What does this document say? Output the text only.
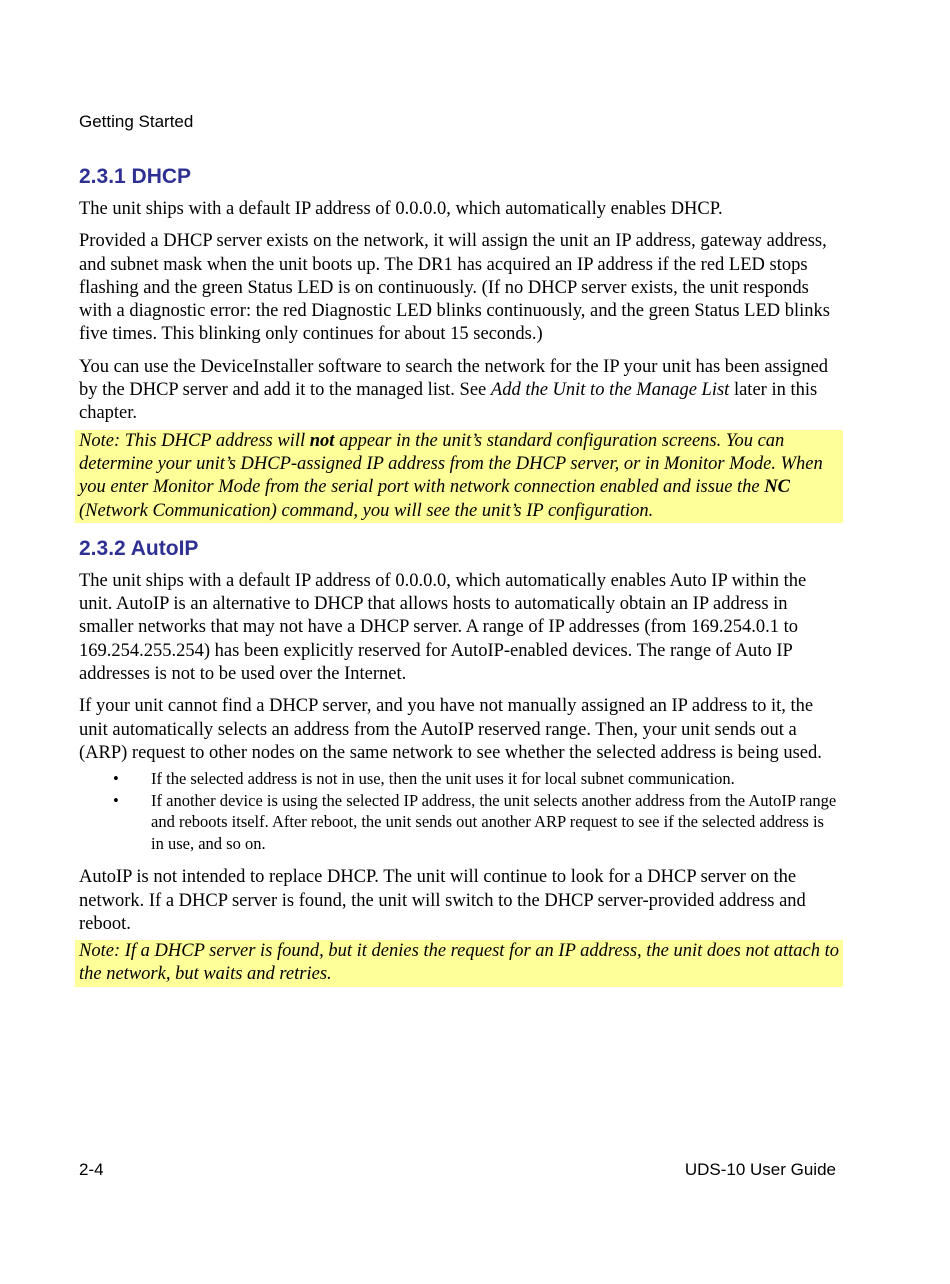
Getting Started
2.3.1 DHCP

The unit ships with a default IP address of 0.0.0.0, which automatically enables DHCP.

Provided a DHCP server exists on the network, it will assign the unit an IP address, gateway address, and subnet mask when the unit boots up. The DR1 has acquired an IP address if the red LED stops flashing and the green Status LED is on continuously. (If no DHCP server exists, the unit responds with a diagnostic error: the red Diagnostic LED blinks continuously, and the green Status LED blinks five times. This blinking only continues for about 15 seconds.)

You can use the DeviceInstaller software to search the network for the IP your unit has been assigned by the DHCP server and add it to the managed list. See Add the Unit to the Manage List later in this chapter.

Note: This DHCP address will not appear in the unit’s standard configuration screens. You can determine your unit’s DHCP-assigned IP address from the DHCP server, or in Monitor Mode. When you enter Monitor Mode from the serial port with network connection enabled and issue the NC (Network Communication) command, you will see the unit’s IP configuration.

2.3.2 AutoIP

The unit ships with a default IP address of 0.0.0.0, which automatically enables Auto IP within the unit. AutoIP is an alternative to DHCP that allows hosts to automatically obtain an IP address in smaller networks that may not have a DHCP server. A range of IP addresses (from 169.254.0.1 to 169.254.255.254) has been explicitly reserved for AutoIP-enabled devices. The range of Auto IP addresses is not to be used over the Internet.

If your unit cannot find a DHCP server, and you have not manually assigned an IP address to it, the unit automatically selects an address from the AutoIP reserved range. Then, your unit sends out a (ARP) request to other nodes on the same network to see whether the selected address is being used.

• If the selected address is not in use, then the unit uses it for local subnet communication.
• If another device is using the selected IP address, the unit selects another address from the AutoIP range and reboots itself. After reboot, the unit sends out another ARP request to see if the selected address is in use, and so on.

AutoIP is not intended to replace DHCP. The unit will continue to look for a DHCP server on the network. If a DHCP server is found, the unit will switch to the DHCP server-provided address and reboot.

Note: If a DHCP server is found, but it denies the request for an IP address, the unit does not attach to the network, but waits and retries.

2-4	UDS-10 User Guide
